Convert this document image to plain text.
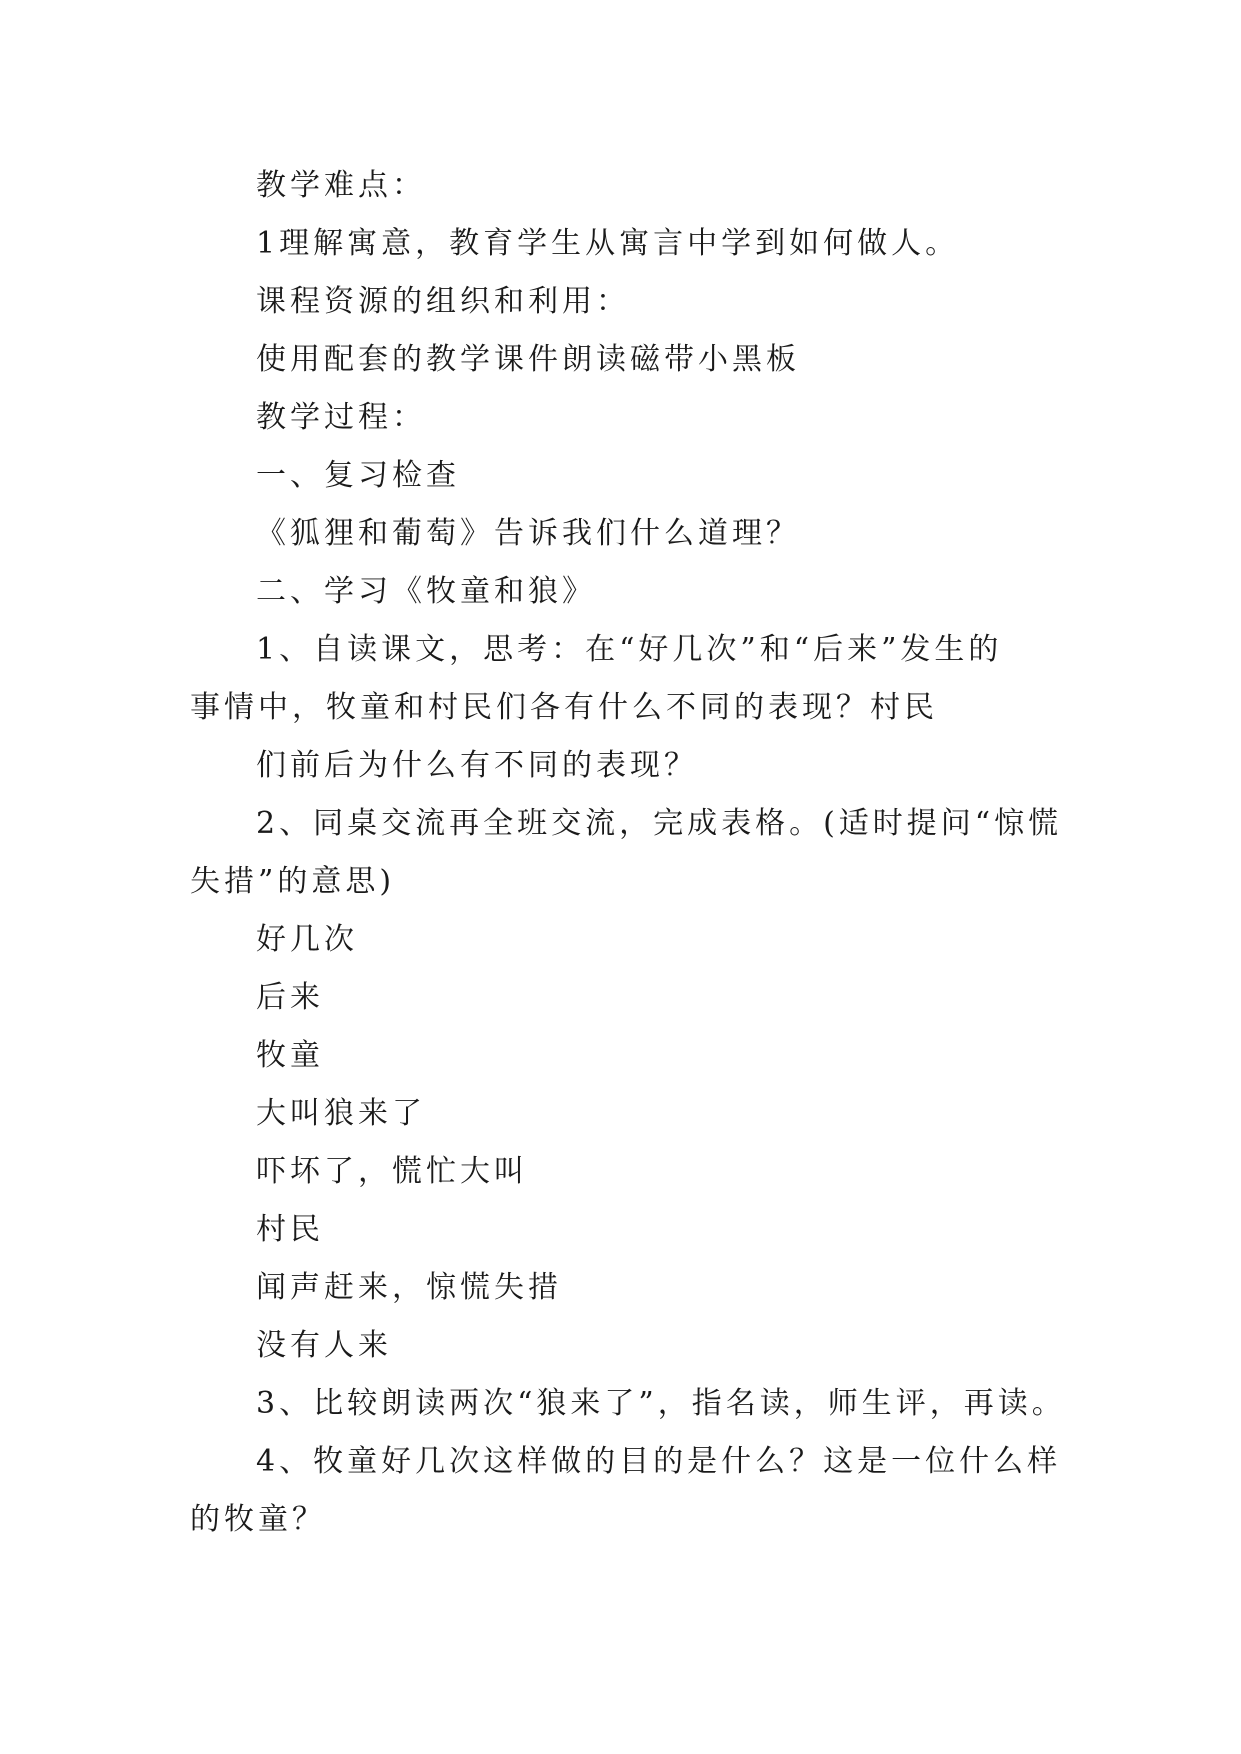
教学难点：

1理解寓意，教育学生从寓言中学到如何做人。

课程资源的组织和利用：

使用配套的教学课件朗读磁带小黑板

教学过程：

一、复习检查

《狐狸和葡萄》告诉我们什么道理？

二、学习《牧童和狼》

1、自读课文，思考：在“好几次”和“后来”发生的

事情中，牧童和村民们各有什么不同的表现？村民

们前后为什么有不同的表现？

2、同桌交流再全班交流，完成表格。(适时提问“惊慌

失措”的意思)

好几次

后来

牧童

大叫狼来了

吓坏了，慌忙大叫

村民

闻声赶来，惊慌失措

没有人来

3、比较朗读两次“狼来了”，指名读，师生评，再读。

4、牧童好几次这样做的目的是什么？这是一位什么样

的牧童？
